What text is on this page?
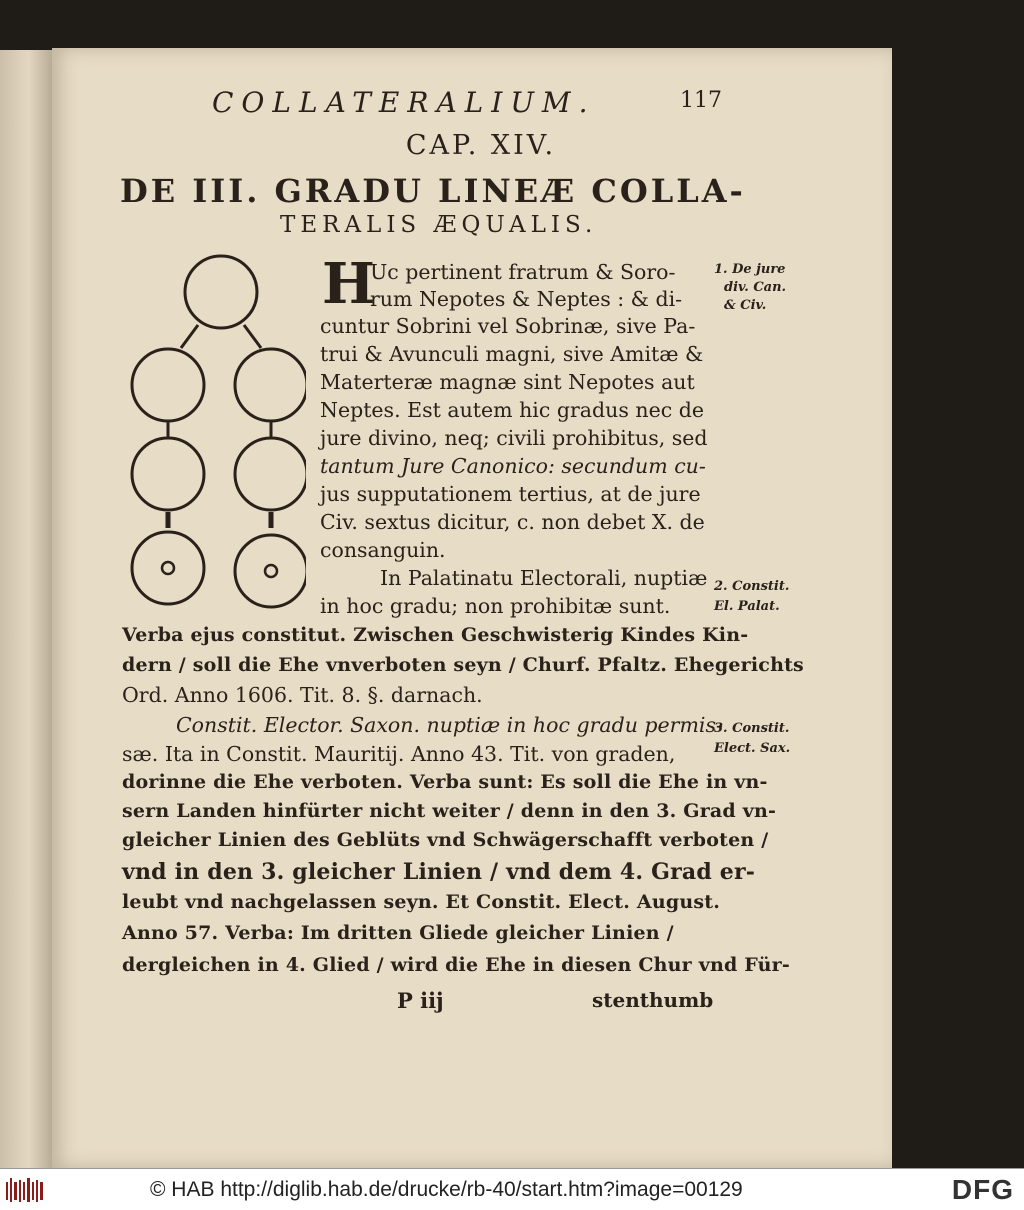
COLLATERALIUM.	117
CAP. XIV.
DE III. GRADU LINEÆ COLLA-
TERALIS ÆQUALIS.
H
Uc pertinent fratrum & Soro-
rum Nepotes & Neptes : & di-
cuntur Sobrini vel Sobrinæ, sive Pa-
trui & Avunculi magni, sive Amitæ &
Materteræ magnæ sint Nepotes aut
Neptes. Est autem hic gradus nec de
jure divino, neq; civili prohibitus, sed
tantum Jure Canonico: secundum cu-
jus supputationem tertius, at de jure
Civ. sextus dicitur, c. non debet X. de
consanguin.
In Palatinatu Electorali, nuptiæ
in hoc gradu; non prohibitæ sunt.
Verba ejus constitut. Zwischen Geschwisterig Kindes Kin-
dern / soll die Ehe vnverboten seyn / Churf. Pfaltz. Ehegerichts
Ord. Anno 1606. Tit. 8. §. darnach.
Constit. Elector. Saxon. nuptiæ in hoc gradu permis-
sæ. Ita in Constit. Mauritij. Anno 43. Tit. von graden,
dorinne die Ehe verboten. Verba sunt: Es soll die Ehe in vn-
sern Landen hinfürter nicht weiter / denn in den 3. Grad vn-
gleicher Linien des Geblüts vnd Schwägerschafft verboten /
vnd in den 3. gleicher Linien / vnd dem 4. Grad er-
leubt vnd nachgelassen seyn. Et Constit. Elect. August.
Anno 57. Verba: Im dritten Gliede gleicher Linien /
dergleichen in 4. Glied / wird die Ehe in diesen Chur vnd Für-
P iij	stenthumb
1. De jure
div. Can.
& Civ.
2. Constit.
El. Palat.
3. Constit.
Elect. Sax.
© HAB http://diglib.hab.de/drucke/rb-40/start.htm?image=00129	DFG
